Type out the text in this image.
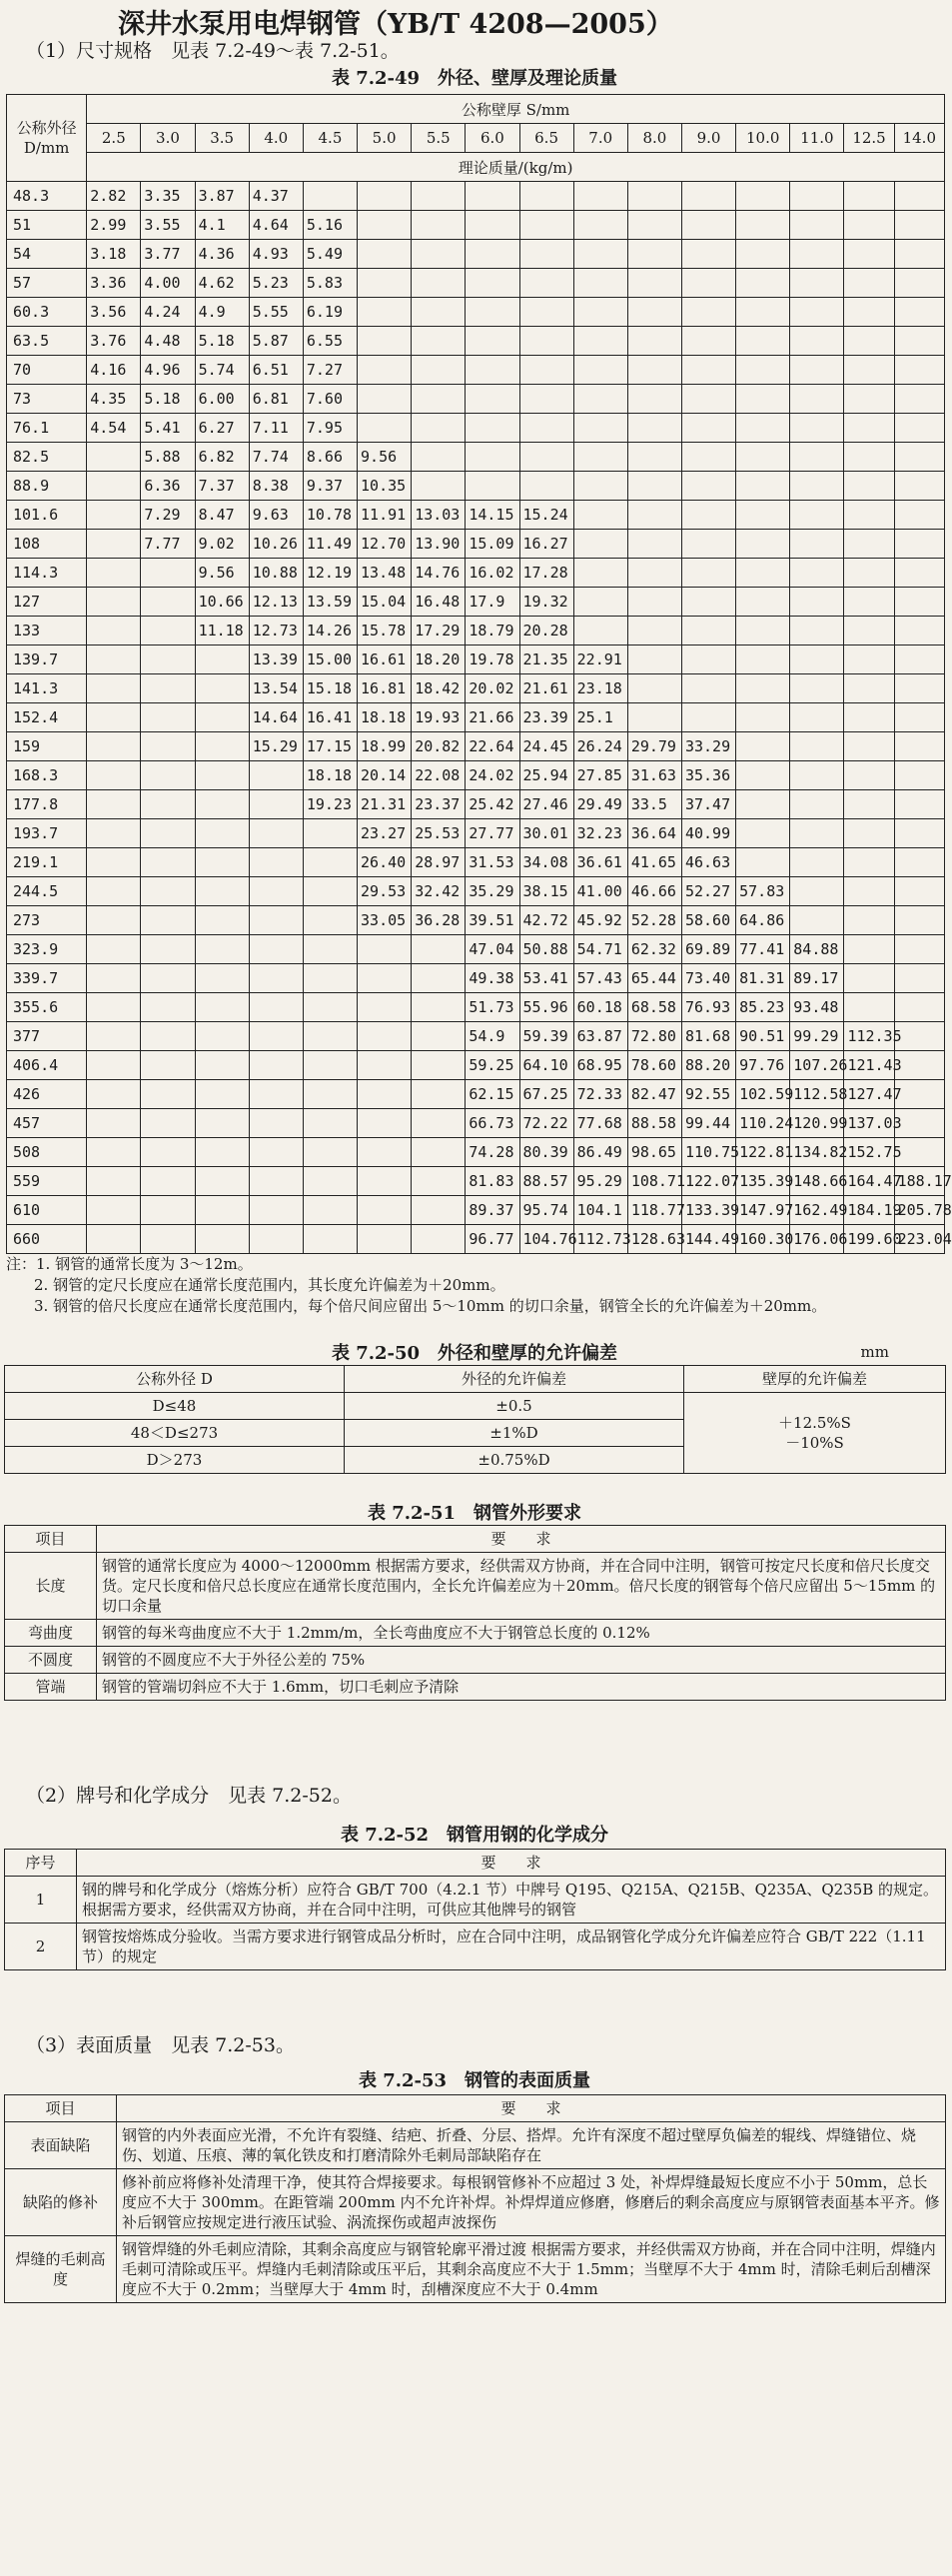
深井水泵用电焊钢管（YB/T 4208—2005）
（1）尺寸规格　见表 7.2-49～表 7.2-51。
表 7.2-49　外径、壁厚及理论质量
公称外径 D/mm	公称壁厚 S/mm															
	2.5	3.0	3.5	4.0	4.5	5.0	5.5	6.0	6.5	7.0	8.0	9.0	10.0	11.0	12.5	14.0
	理论质量/(kg/m)															
48.3	2.82	3.35	3.87	4.37												
51	2.99	3.55	4.1	4.64	5.16											
54	3.18	3.77	4.36	4.93	5.49											
57	3.36	4.00	4.62	5.23	5.83											
60.3	3.56	4.24	4.9	5.55	6.19											
63.5	3.76	4.48	5.18	5.87	6.55											
70	4.16	4.96	5.74	6.51	7.27											
73	4.35	5.18	6.00	6.81	7.60											
76.1	4.54	5.41	6.27	7.11	7.95											
82.5		5.88	6.82	7.74	8.66	9.56										
88.9		6.36	7.37	8.38	9.37	10.35										
101.6		7.29	8.47	9.63	10.78	11.91	13.03	14.15	15.24							
108		7.77	9.02	10.26	11.49	12.70	13.90	15.09	16.27							
114.3			9.56	10.88	12.19	13.48	14.76	16.02	17.28							
127			10.66	12.13	13.59	15.04	16.48	17.9	19.32							
133			11.18	12.73	14.26	15.78	17.29	18.79	20.28							
139.7				13.39	15.00	16.61	18.20	19.78	21.35	22.91						
141.3				13.54	15.18	16.81	18.42	20.02	21.61	23.18						
152.4				14.64	16.41	18.18	19.93	21.66	23.39	25.1						
159				15.29	17.15	18.99	20.82	22.64	24.45	26.24	29.79	33.29				
168.3					18.18	20.14	22.08	24.02	25.94	27.85	31.63	35.36				
177.8					19.23	21.31	23.37	25.42	27.46	29.49	33.5	37.47				
193.7						23.27	25.53	27.77	30.01	32.23	36.64	40.99				
219.1						26.40	28.97	31.53	34.08	36.61	41.65	46.63				
244.5						29.53	32.42	35.29	38.15	41.00	46.66	52.27	57.83			
273						33.05	36.28	39.51	42.72	45.92	52.28	58.60	64.86			
323.9								47.04	50.88	54.71	62.32	69.89	77.41	84.88		
339.7								49.38	53.41	57.43	65.44	73.40	81.31	89.17		
355.6								51.73	55.96	60.18	68.58	76.93	85.23	93.48		
377								54.9	59.39	63.87	72.80	81.68	90.51	99.29	112.35	
406.4								59.25	64.10	68.95	78.60	88.20	97.76	107.26	121.43	
426								62.15	67.25	72.33	82.47	92.55	102.59	112.58	127.47	
457								66.73	72.22	77.68	88.58	99.44	110.24	120.99	137.03	
508								74.28	80.39	86.49	98.65	110.75	122.81	134.82	152.75	
559								81.83	88.57	95.29	108.71	122.07	135.39	148.66	164.47	188.17
610								89.37	95.74	104.1	118.77	133.39	147.97	162.49	184.19	205.78
660								96.77	104.76	112.73	128.63	144.49	160.30	176.06	199.60	223.04
注：1. 钢管的通常长度为 3～12m。
2. 钢管的定尺长度应在通常长度范围内，其长度允许偏差为＋20mm。
3. 钢管的倍尺长度应在通常长度范围内，每个倍尺间应留出 5～10mm 的切口余量，钢管全长的允许偏差为＋20mm。
表 7.2-50　外径和壁厚的允许偏差	mm
公称外径 D	外径的允许偏差	壁厚的允许偏差
D≤48	±0.5	＋12.5%S
－10%S

48＜D≤273	±1%D	
D＞273	±0.75%D	
表 7.2-51　钢管外形要求
项目	要　　求
长度	钢管的通常长度应为 4000～12000mm 根据需方要求，经供需双方协商，并在合同中注明，钢管可按定尺长度和倍尺长度交货。定尺长度和倍尺总长度应在通常长度范围内，全长允许偏差应为＋20mm。倍尺长度的钢管每个倍尺应留出 5～15mm 的切口余量
弯曲度	钢管的每米弯曲度应不大于 1.2mm/m，全长弯曲度应不大于钢管总长度的 0.12%
不圆度	钢管的不圆度应不大于外径公差的 75%
管端	钢管的管端切斜应不大于 1.6mm，切口毛刺应予清除
（2）牌号和化学成分　见表 7.2-52。
表 7.2-52　钢管用钢的化学成分
序号	要　　求
1	钢的牌号和化学成分（熔炼分析）应符合 GB/T 700（4.2.1 节）中牌号 Q195、Q215A、Q215B、Q235A、Q235B 的规定。根据需方要求，经供需双方协商，并在合同中注明，可供应其他牌号的钢管
2	钢管按熔炼成分验收。当需方要求进行钢管成品分析时，应在合同中注明，成品钢管化学成分允许偏差应符合 GB/T 222（1.11 节）的规定
（3）表面质量　见表 7.2-53。
表 7.2-53　钢管的表面质量
项目	要　　求
表面缺陷	钢管的内外表面应光滑，不允许有裂缝、结疤、折叠、分层、搭焊。允许有深度不超过壁厚负偏差的辊线、焊缝错位、烧伤、划道、压痕、薄的氧化铁皮和打磨清除外毛刺局部缺陷存在
缺陷的修补	修补前应将修补处清理干净，使其符合焊接要求。每根钢管修补不应超过 3 处，补焊焊缝最短长度应不小于 50mm，总长度应不大于 300mm。在距管端 200mm 内不允许补焊。补焊焊道应修磨，修磨后的剩余高度应与原钢管表面基本平齐。修补后钢管应按规定进行液压试验、涡流探伤或超声波探伤
焊缝的毛刺高度	钢管焊缝的外毛刺应清除，其剩余高度应与钢管轮廓平滑过渡 根据需方要求，并经供需双方协商，并在合同中注明，焊缝内毛刺可清除或压平。焊缝内毛刺清除或压平后，其剩余高度应不大于 1.5mm；当壁厚不大于 4mm 时，清除毛刺后刮槽深度应不大于 0.2mm；当壁厚大于 4mm 时，刮槽深度应不大于 0.4mm
